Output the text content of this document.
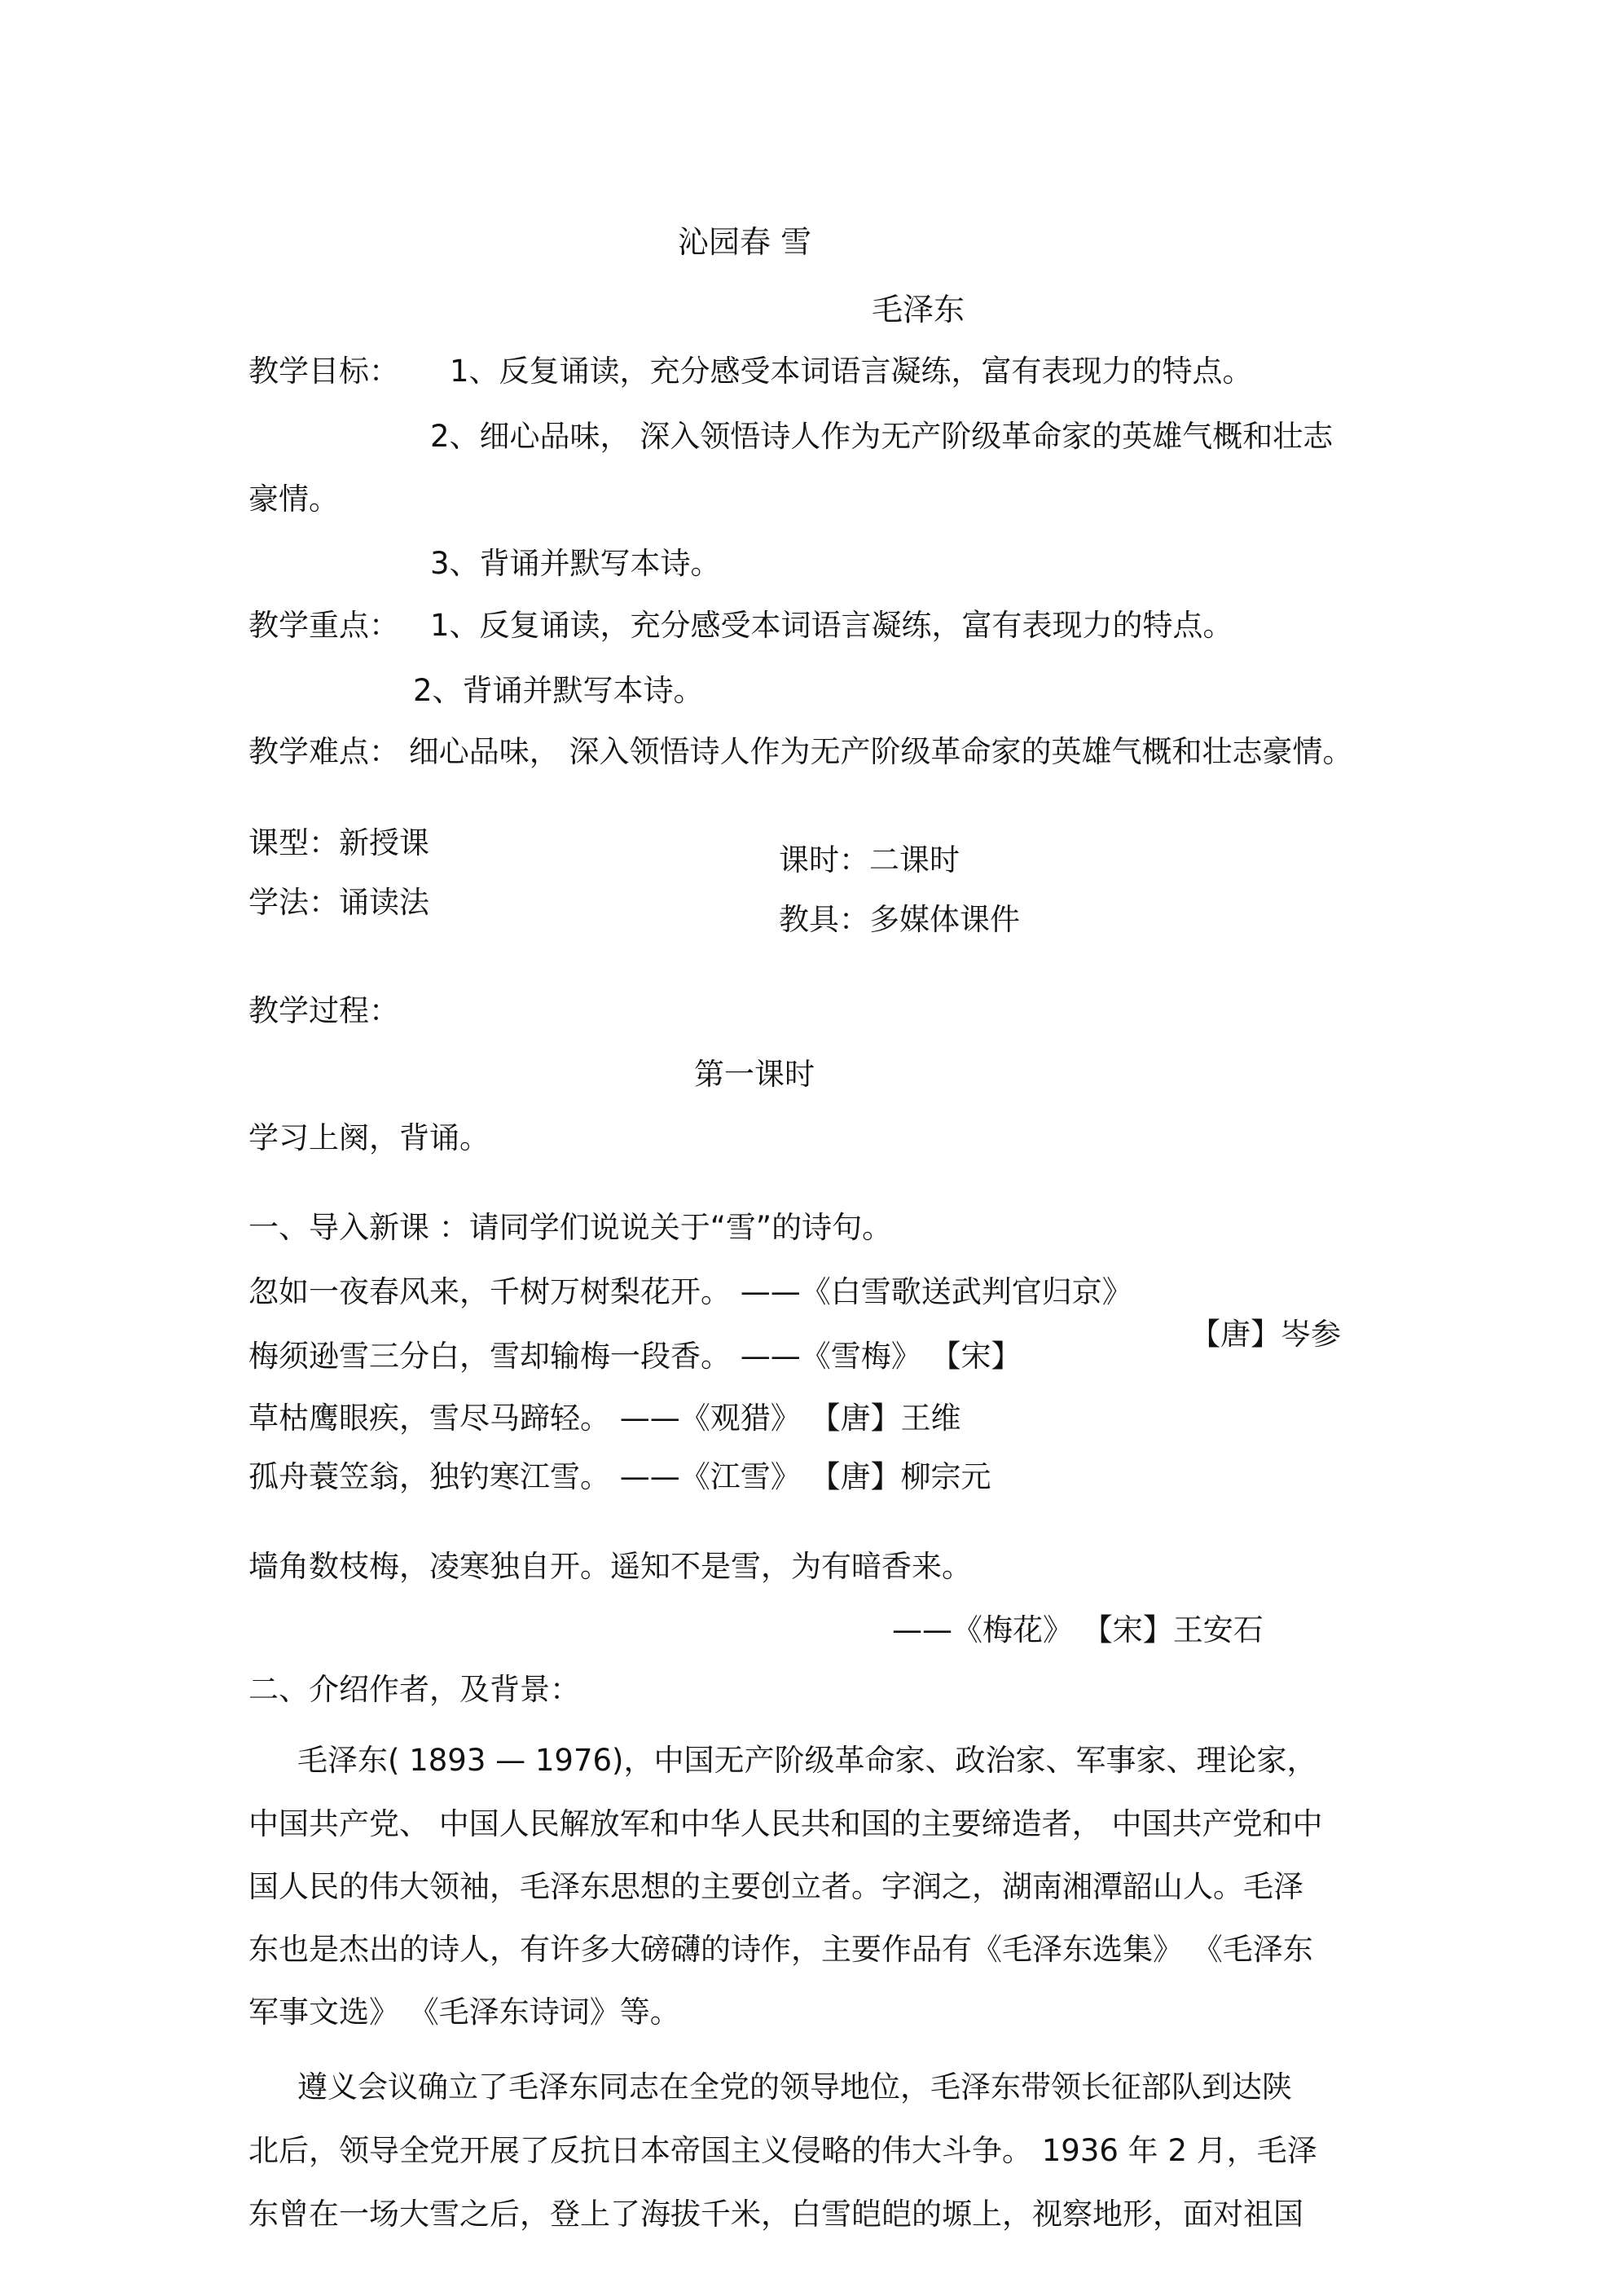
沁园春 雪
毛泽东
教学目标： 1、反复诵读，充分感受本词语言凝练，富有表现力的特点。
2、细心品味， 深入领悟诗人作为无产阶级革命家的英雄气概和壮志
豪情。
3、背诵并默写本诗。
教学重点： 1、反复诵读，充分感受本词语言凝练，富有表现力的特点。
2、背诵并默写本诗。
教学难点： 细心品味， 深入领悟诗人作为无产阶级革命家的英雄气概和壮志豪情。
课型：新授课	课时：二课时
学法：诵读法	教具：多媒体课件
教学过程：
第一课时
学习上阕，背诵。
一、导入新课 ：请同学们说说关于“雪”的诗句。
忽如一夜春风来，千树万树梨花开。 ——《白雪歌送武判官归京》
【唐】岑参
梅须逊雪三分白，雪却输梅一段香。 ——《雪梅》 【宋】
草枯鹰眼疾，雪尽马蹄轻。 ——《观猎》 【唐】王维
孤舟蓑笠翁，独钓寒江雪。 ——《江雪》 【唐】柳宗元
墙角数枝梅，凌寒独自开。遥知不是雪，为有暗香来。
——《梅花》 【宋】王安石
二、介绍作者，及背景：
毛泽东( 1893 — 1976)，中国无产阶级革命家、政治家、军事家、理论家，
中国共产党、 中国人民解放军和中华人民共和国的主要缔造者， 中国共产党和中
国人民的伟大领袖，毛泽东思想的主要创立者。字润之，湖南湘潭韶山人。毛泽
东也是杰出的诗人，有许多大磅礴的诗作，主要作品有《毛泽东选集》 《毛泽东
军事文选》 《毛泽东诗词》等。
遵义会议确立了毛泽东同志在全党的领导地位，毛泽东带领长征部队到达陕
北后，领导全党开展了反抗日本帝国主义侵略的伟大斗争。 1936 年 2 月，毛泽
东曾在一场大雪之后，登上了海拔千米，白雪皑皑的塬上，视察地形，面对祖国
